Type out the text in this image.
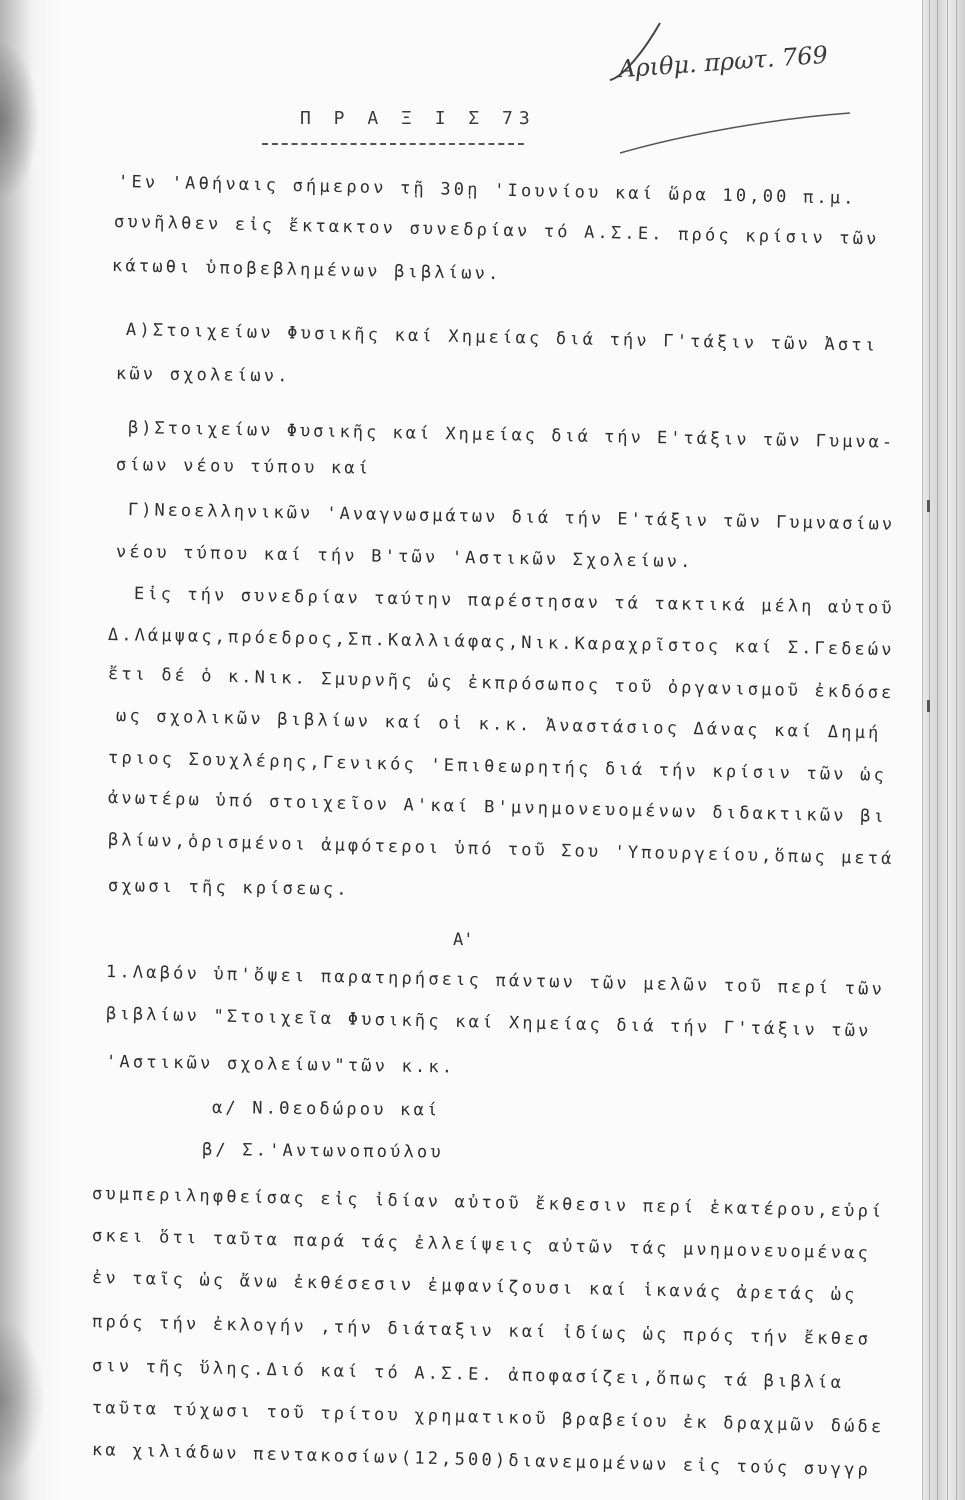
Αριθμ. πρωτ. 769
Π Ρ Α Ξ Ι Σ 73
'Εν 'Αθήναις σήμερον τῇ 30ῃ 'Ιουνίου καί ὥρα 10,00 π.μ.
συνῆλθεν εἰς ἔκτακτον συνεδρίαν τό Α.Σ.Ε. πρός κρίσιν τῶν
κάτωθι ὑποβεβλημένων βιβλίων.
Α)Στοιχείων Φυσικῆς καί Χημείας διά τήν Γ'τάξιν τῶν Ἀστι
κῶν σχολείων.
β)Στοιχείων Φυσικῆς καί Χημείας διά τήν Ε'τάξιν τῶν Γυμνα-
σίων νέου τύπου καί
Γ)Νεοελληνικῶν 'Αναγνωσμάτων διά τήν Ε'τάξιν τῶν Γυμνασίων
νέου τύπου καί τήν Β'τῶν 'Αστικῶν Σχολείων.
Εἰς τήν συνεδρίαν ταύτην παρέστησαν τά τακτικά μέλη αὐτοῦ
Δ.Λάμψας,πρόεδρος,Σπ.Καλλιάφας,Νικ.Καραχρῖστος καί Σ.Γεδεών
ἔτι δέ ὁ κ.Νικ. Σμυρνῆς ὡς ἐκπρόσωπος τοῦ ὀργανισμοῦ ἐκδόσε
ως σχολικῶν βιβλίων καί οἱ κ.κ. Ἀναστάσιος Δάνας καί Δημή
τριος Σουχλέρης,Γενικός 'Επιθεωρητής διά τήν κρίσιν τῶν ὡς
ἀνωτέρω ὑπό στοιχεῖον Α'καί Β'μνημονευομένων διδακτικῶν βι
βλίων,ὁρισμένοι ἀμφότεροι ὑπό τοῦ Σου 'Υπουργείου,ὅπως μετά
σχωσι τῆς κρίσεως.
Α'
1.Λαβόν ὑπ'ὄψει παρατηρήσεις πάντων τῶν μελῶν τοῦ περί τῶν
βιβλίων "Στοιχεῖα Φυσικῆς καί Χημείας διά τήν Γ'τάξιν τῶν
'Αστικῶν σχολείων"τῶν κ.κ.
α/ Ν.Θεοδώρου καί
β/ Σ.'Αντωνοπούλου
συμπεριληφθείσας εἰς ἰδίαν αὐτοῦ ἔκθεσιν περί ἑκατέρου,εὑρί
σκει ὅτι ταῦτα παρά τάς ἐλλείψεις αὐτῶν τάς μνημονευομένας
ἐν ταῖς ὡς ἄνω ἐκθέσεσιν ἐμφανίζουσι καί ἱκανάς ἀρετάς ὡς
πρός τήν ἐκλογήν ,τήν διάταξιν καί ἰδίως ὡς πρός τήν ἔκθεσ
σιν τῆς ὕλης.Διό καί τό Α.Σ.Ε. ἀποφασίζει,ὅπως τά βιβλία
ταῦτα τύχωσι τοῦ τρίτου χρηματικοῦ βραβείου ἐκ δραχμῶν δώδε
κα χιλιάδων πεντακοσίων(12,500)διανεμομένων εἰς τούς συγγρ
